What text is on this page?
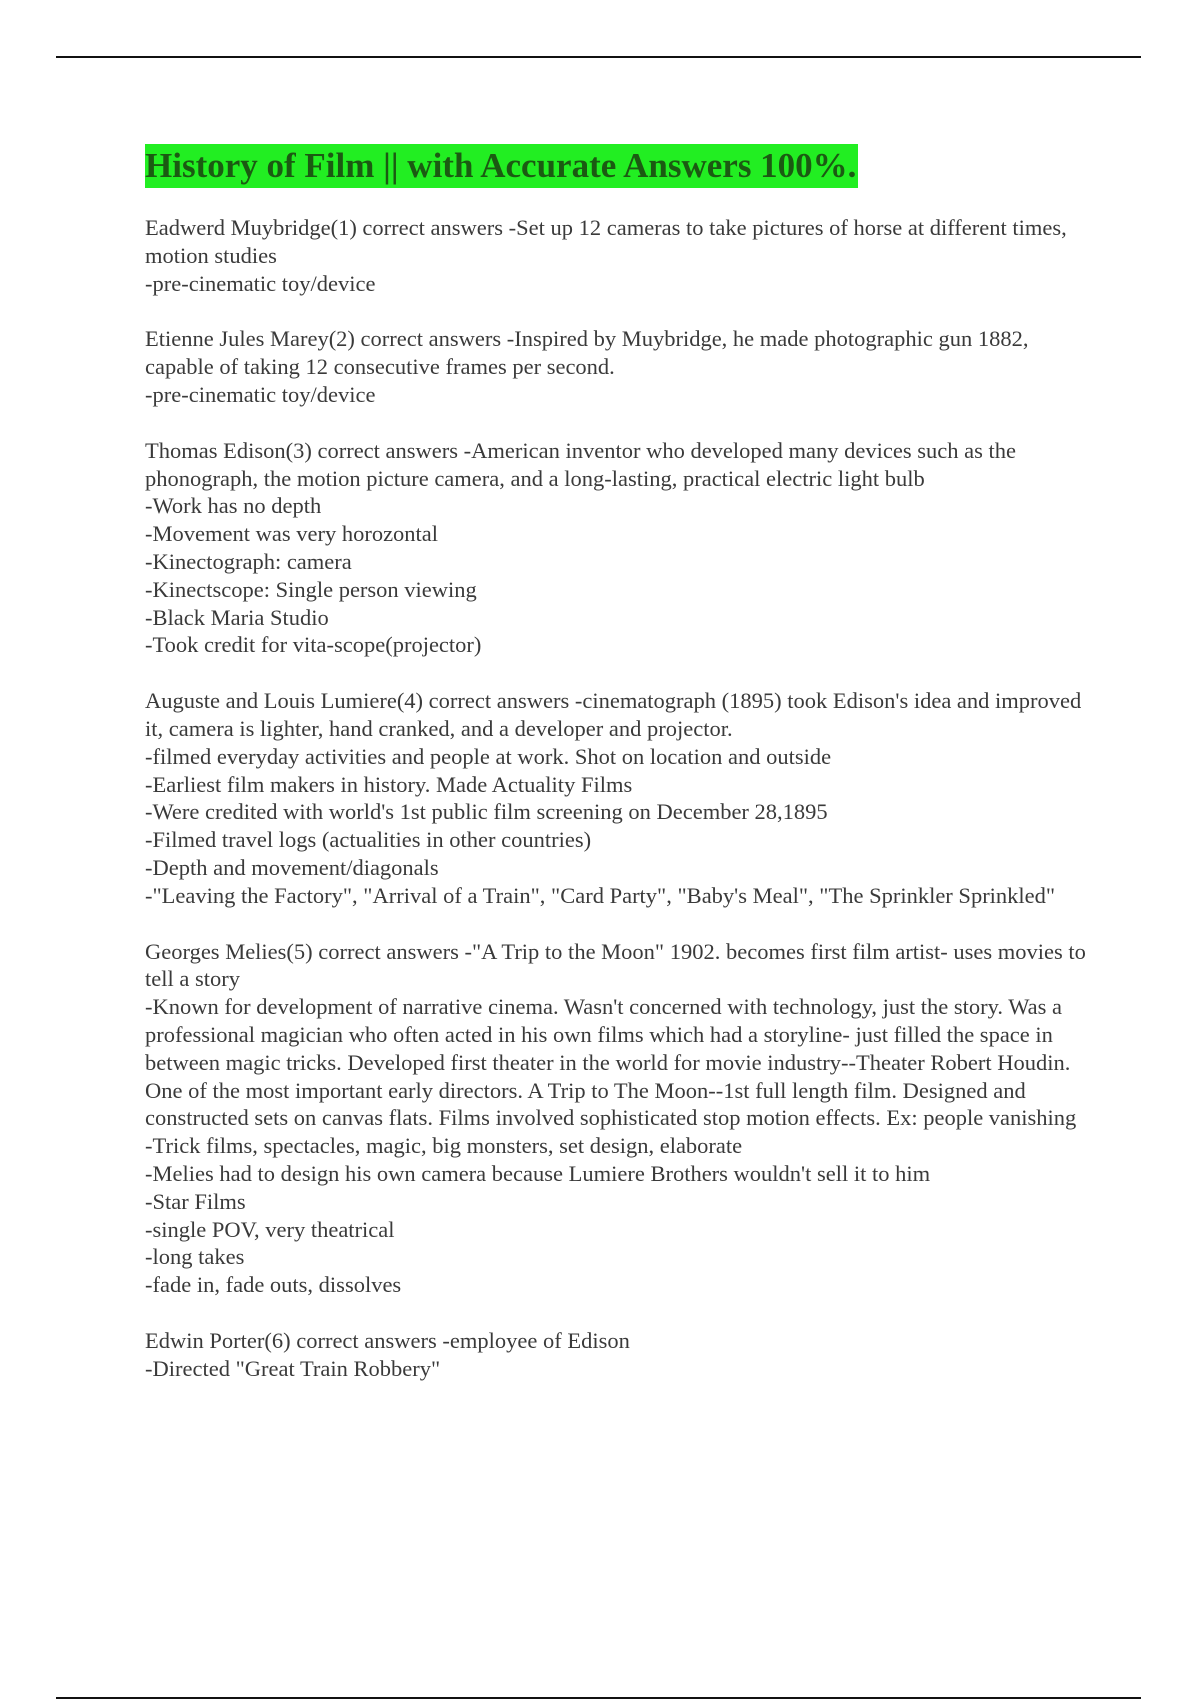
History of Film || with Accurate Answers 100%.
Eadwerd Muybridge(1) correct answers -Set up 12 cameras to take pictures of horse at different times, motion studies
-pre-cinematic toy/device
Etienne Jules Marey(2) correct answers -Inspired by Muybridge, he made photographic gun 1882, capable of taking 12 consecutive frames per second.
-pre-cinematic toy/device
Thomas Edison(3) correct answers -American inventor who developed many devices such as the phonograph, the motion picture camera, and a long-lasting, practical electric light bulb
-Work has no depth
-Movement was very horozontal
-Kinectograph: camera
-Kinectscope: Single person viewing
-Black Maria Studio
-Took credit for vita-scope(projector)
Auguste and Louis Lumiere(4) correct answers -cinematograph (1895) took Edison's idea and improved it, camera is lighter, hand cranked, and a developer and projector.
-filmed everyday activities and people at work. Shot on location and outside
-Earliest film makers in history. Made Actuality Films
-Were credited with world's 1st public film screening on December 28,1895
-Filmed travel logs (actualities in other countries)
-Depth and movement/diagonals
-"Leaving the Factory", "Arrival of a Train", "Card Party", "Baby's Meal", "The Sprinkler Sprinkled"
Georges Melies(5) correct answers -"A Trip to the Moon" 1902. becomes first film artist- uses movies to tell a story
-Known for development of narrative cinema. Wasn't concerned with technology, just the story. Was a professional magician who often acted in his own films which had a storyline- just filled the space in between magic tricks. Developed first theater in the world for movie industry--Theater Robert Houdin. One of the most important early directors. A Trip to The Moon--1st full length film. Designed and constructed sets on canvas flats. Films involved sophisticated stop motion effects. Ex: people vanishing
-Trick films, spectacles, magic, big monsters, set design, elaborate
-Melies had to design his own camera because Lumiere Brothers wouldn't sell it to him
-Star Films
-single POV, very theatrical
-long takes
-fade in, fade outs, dissolves
Edwin Porter(6) correct answers -employee of Edison
-Directed "Great Train Robbery"
